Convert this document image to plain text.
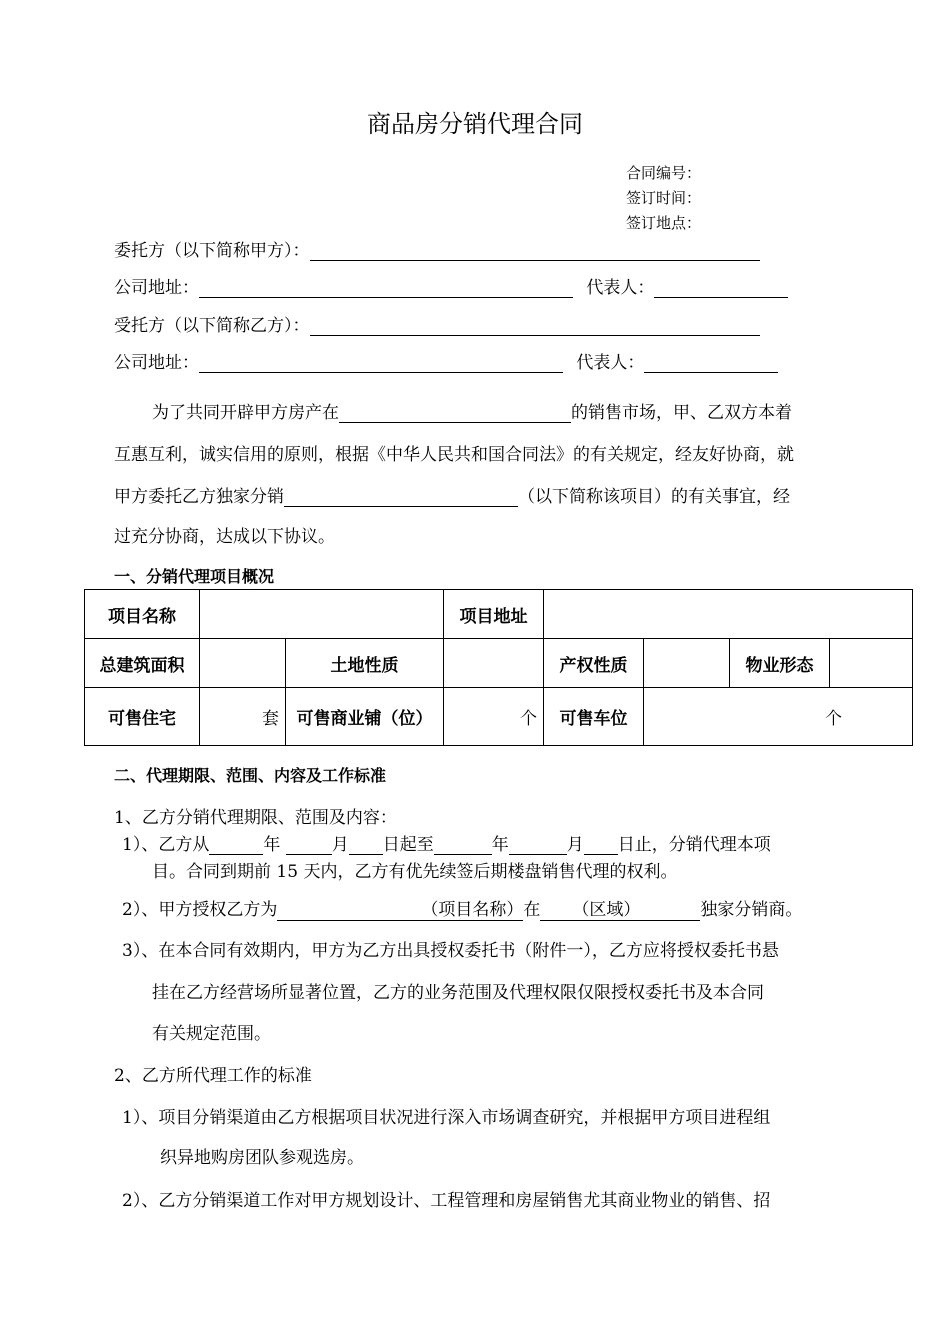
商品房分销代理合同
合同编号：
签订时间：
签订地点：
委托方（以下简称甲方）：
公司地址：	代表人：
受托方（以下简称乙方）：
公司地址：	代表人：
为了共同开辟甲方房产在	的销售市场，甲、乙双方本着
互惠互利，诚实信用的原则，根据《中华人民共和国合同法》的有关规定，经友好协商，就
甲方委托乙方独家分销	（以下简称该项目）的有关事宜，经
过充分协商，达成以下协议。
一、分销代理项目概况
项目名称			项目地址				
总建筑面积		土地性质		产权性质		物业形态	
可售住宅	套	可售商业铺（位）	个	可售车位	个		
二、代理期限、范围、内容及工作标准
1、乙方分销代理期限、范围及内容：
1）、乙方从	年	月 日起至	年	月 日止，分销代理本项
目。合同到期前 15 天内，乙方有优先续签后期楼盘销售代理的权利。
2）、甲方授权乙方为	（项目名称）在 （区域）	独家分销商。
3）、在本合同有效期内，甲方为乙方出具授权委托书（附件一），乙方应将授权委托书悬
挂在乙方经营场所显著位置，乙方的业务范围及代理权限仅限授权委托书及本合同
有关规定范围。
2、乙方所代理工作的标准
1）、项目分销渠道由乙方根据项目状况进行深入市场调查研究，并根据甲方项目进程组
织异地购房团队参观选房。
2）、乙方分销渠道工作对甲方规划设计、工程管理和房屋销售尤其商业物业的销售、招
